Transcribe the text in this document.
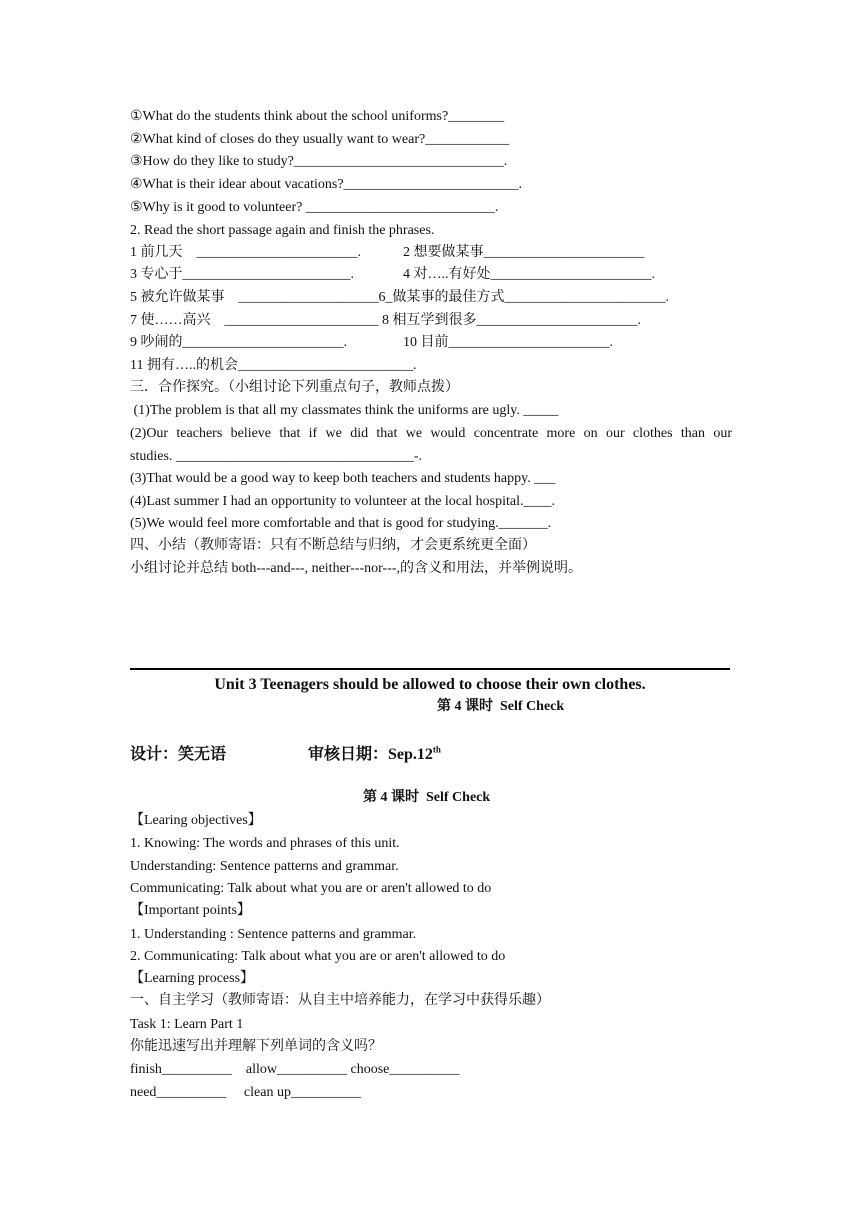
①What do the students think about the school uniforms?________
②What kind of closes do they usually want to wear?____________
③How do they like to study?______________________________.
④What is their idear about vacations?_________________________.
⑤Why is it good to volunteer? ___________________________.
2. Read the short passage again and finish the phrases.
1 前几天    _______________________.	2 想要做某事_______________________
3 专心于________________________.	4 对…..有好处_______________________.
5 被允许做某事    ____________________6_做某事的最佳方式_______________________.
7 使……高兴    ______________________ 8 相互学到很多_______________________.
9 吵闹的_______________________.	10 目前_______________________.
11 拥有…..的机会_________________________.
三．合作探究。（小组讨论下列重点句子，教师点拨）
(1)The problem is that all my classmates think the uniforms are ugly. _____
(2)Our teachers believe that if we did that we would concentrate more on our clothes than our
studies. __________________________________-.
(3)That would be a good way to keep both teachers and students happy. ___
(4)Last summer I had an opportunity to volunteer at the local hospital.____.
(5)We would feel more comfortable and that is good for studying._______.
四、小结（教师寄语：只有不断总结与归纳，才会更系统更全面）
小组讨论并总结 both---and---, neither---nor---,的含义和用法，并举例说明。
Unit 3 Teenagers should be allowed to choose their own clothes.
第 4 课时  Self Check
设计：笑无语	审核日期：Sep.12th
第 4 课时  Self Check
【Learing objectives】
1. Knowing: The words and phrases of this unit.
Understanding: Sentence patterns and grammar.
Communicating: Talk about what you are or aren't allowed to do
【Important points】
1. Understanding : Sentence patterns and grammar.
2. Communicating: Talk about what you are or aren't allowed to do
【Learning process】
一、自主学习（教师寄语：从自主中培养能力，在学习中获得乐趣）
Task 1: Learn Part 1
你能迅速写出并理解下列单词的含义吗？
finish__________    allow__________ choose__________
need__________     clean up__________
